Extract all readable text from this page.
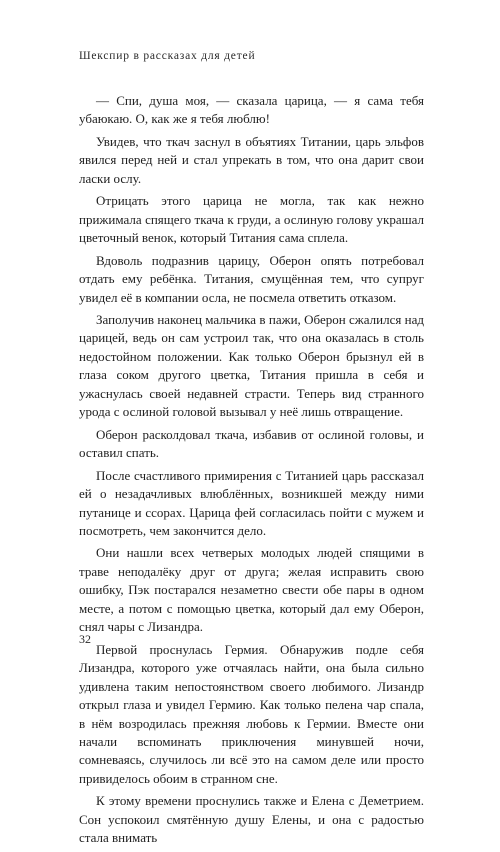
Шекспир в рассказах для детей

— Спи, душа моя, — сказала царица, — я сама тебя убаюкаю. О, как же я тебя люблю!

Увидев, что ткач заснул в объятиях Титании, царь эльфов явился перед ней и стал упрекать в том, что она дарит свои ласки ослу.

Отрицать этого царица не могла, так как нежно прижимала спящего ткача к груди, а ослиную голову украшал цветочный венок, который Титания сама сплела.

Вдоволь подразнив царицу, Оберон опять потребовал отдать ему ребёнка. Титания, смущённая тем, что супруг увидел её в компании осла, не посмела ответить отказом.

Заполучив наконец мальчика в пажи, Оберон сжалился над царицей, ведь он сам устроил так, что она оказалась в столь недостойном положении. Как только Оберон брызнул ей в глаза соком другого цветка, Титания пришла в себя и ужаснулась своей недавней страсти. Теперь вид странного урода с ослиной головой вызывал у неё лишь отвращение.

Оберон расколдовал ткача, избавив от ослиной головы, и оставил спать.

После счастливого примирения с Титанией царь рассказал ей о незадачливых влюблённых, возникшей между ними путанице и ссорах. Царица фей согласилась пойти с мужем и посмотреть, чем закончится дело.

Они нашли всех четверых молодых людей спящими в траве неподалёку друг от друга; желая исправить свою ошибку, Пэк постарался незаметно свести обе пары в одном месте, а потом с помощью цветка, который дал ему Оберон, снял чары с Лизандра.

Первой проснулась Гермия. Обнаружив подле себя Лизандра, которого уже отчаялась найти, она была сильно удивлена таким непостоянством своего любимого. Лизандр открыл глаза и увидел Гермию. Как только пелена чар спала, в нём возродилась прежняя любовь к Гермии. Вместе они начали вспоминать приключения минувшей ночи, сомневаясь, случилось ли всё это на самом деле или просто привиделось обоим в странном сне.

К этому времени проснулись также и Елена с Деметрием. Сон успокоил смятённую душу Елены, и она с радостью стала внимать

32
